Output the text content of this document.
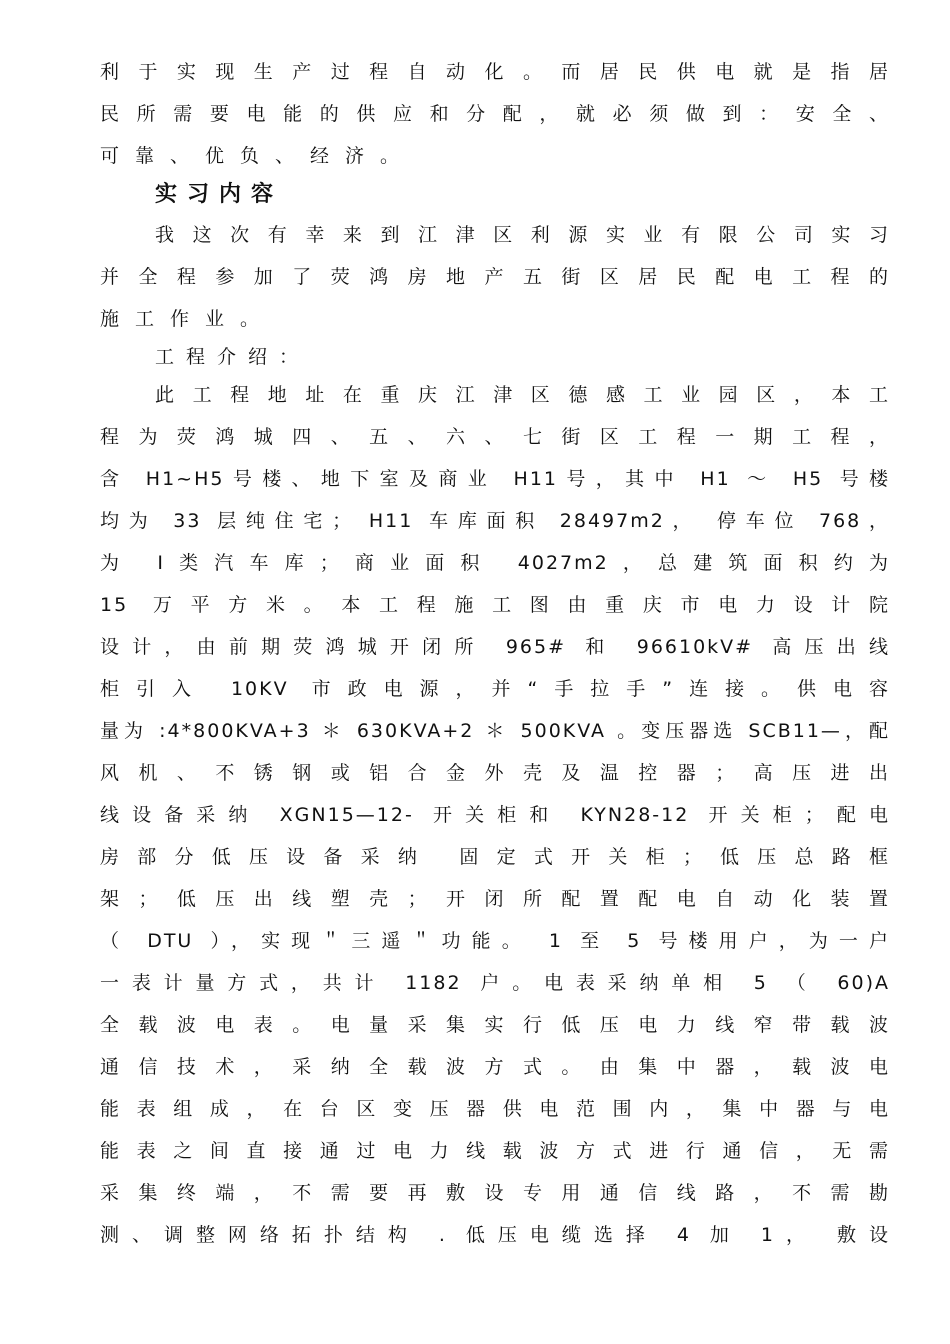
利于实现生产过程自动化。而居民供电就是指居
民所需要电能的供应和分配，就必须做到：安全、
可靠、优负、经济。
实习内容
我这次有幸来到江津区利源实业有限公司实习
并全程参加了荧鸿房地产五街区居民配电工程的
施工作业。
工程介绍：
此工程地址在重庆江津区德感工业园区，本工
程为荧鸿城四、五、六、七街区工程一期工程，
含 H1~H5号楼、地下室及商业 H11号，其中 H1 ～ H5 号楼
均为 33 层纯住宅； H11 车库面积 28497m2， 停车位 768，
为 Ⅰ类汽车库；商业面积 4027m2，总建筑面积约为
15 万平方米。本工程施工图由重庆市电力设计院
设计，由前期荧鸿城开闭所 965# 和 96610kV# 高压出线
柜引入 10KV 市政电源，并“手拉手”连接。供电容
量为 :4*800KVA+3 ＊ 630KVA+2 ＊ 500KVA 。变压器选 SCB11—，配
风机、不锈钢或铝合金外壳及温控器；高压进出
线设备采纳 XGN15—12- 开关柜和 KYN28-12 开关柜；配电
房部分低压设备采纳 固定式开关柜；低压总路框
架；低压出线塑壳；开闭所配置配电自动化装置
（ DTU ），实现＂三遥＂功能。 1 至 5 号楼用户，为一户
一表计量方式，共计 1182 户。电表采纳单相 5 （ 60)A
全载波电表。电量采集实行低压电力线窄带载波
通信技术，采纳全载波方式。由集中器，载波电
能表组成，在台区变压器供电范围内，集中器与电
能表之间直接通过电力线载波方式进行通信，无需
采集终端，不需要再敷设专用通信线路，不需勘
测、调整网络拓扑结构 . 低压电缆选择 4 加 1， 敷设
